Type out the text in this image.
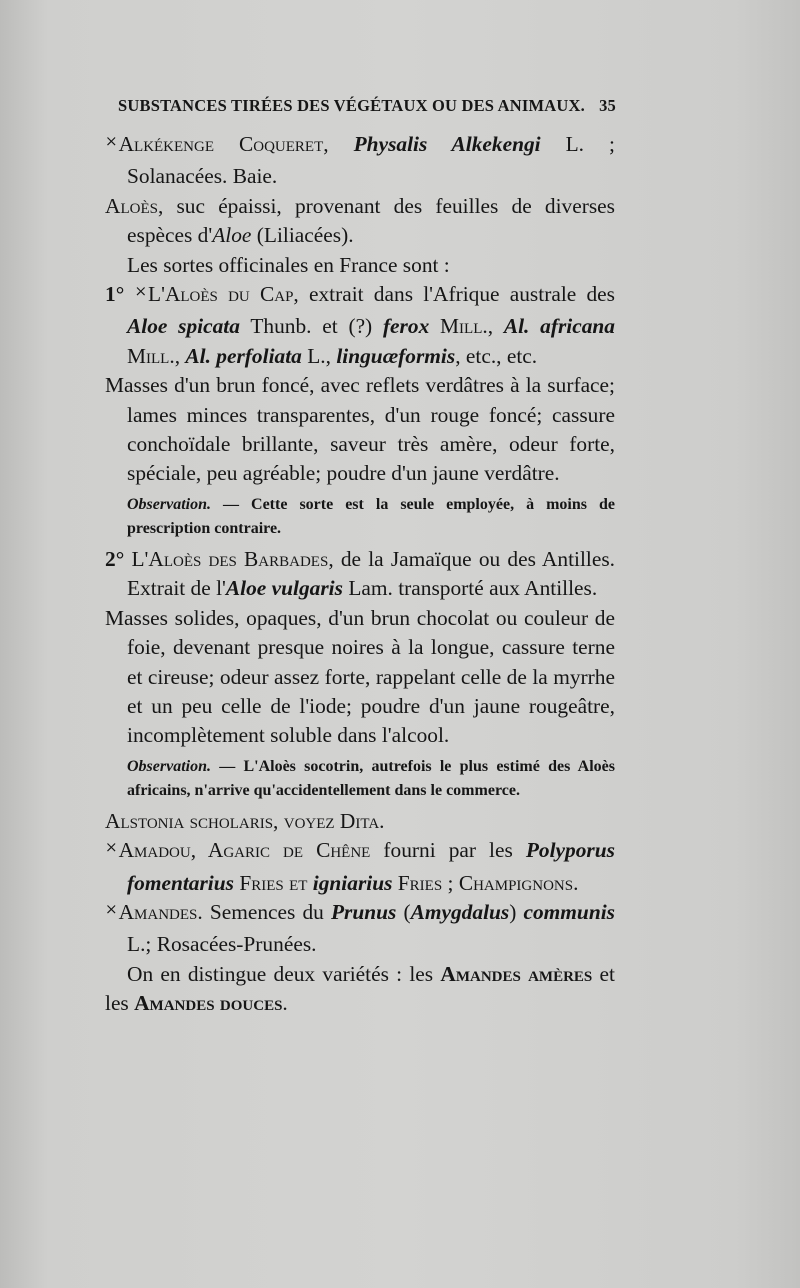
SUBSTANCES TIRÉES DES VÉGÉTAUX OU DES ANIMAUX. 35

⨯Alkékenge Coqueret, Physalis Alkekengi L. ; Solanacées. Baie.

Aloès, suc épaissi, provenant des feuilles de diverses espèces d'Aloe (Liliacées).

Les sortes officinales en France sont :

1° ⨯L'Aloès du Cap, extrait dans l'Afrique australe des Aloe spicata Thunb. et (?) ferox Mill., Al. africana Mill., Al. perfoliata L., linguæformis, etc., etc.

Masses d'un brun foncé, avec reflets verdâtres à la surface; lames minces transparentes, d'un rouge foncé; cassure conchoïdale brillante, saveur très amère, odeur forte, spéciale, peu agréable; poudre d'un jaune verdâtre.

Observation. — Cette sorte est la seule employée, à moins de prescription contraire.

2° L'Aloès des Barbades, de la Jamaïque ou des Antilles. Extrait de l'Aloe vulgaris Lam. transporté aux Antilles.

Masses solides, opaques, d'un brun chocolat ou couleur de foie, devenant presque noires à la longue, cassure terne et cireuse; odeur assez forte, rappelant celle de la myrrhe et un peu celle de l'iode; poudre d'un jaune rougeâtre, incomplètement soluble dans l'alcool.

Observation. — L'Aloès socotrin, autrefois le plus estimé des Aloès africains, n'arrive qu'accidentellement dans le commerce.

Alstonia scholaris, voyez Dita.

⨯Amadou, Agaric de Chêne fourni par les Polyporus fomentarius Fries et igniarius Fries ; Champignons.

⨯Amandes. Semences du Prunus (Amygdalus) communis L.; Rosacées-Prunées.

On en distingue deux variétés : les Amandes amères et les Amandes douces.
